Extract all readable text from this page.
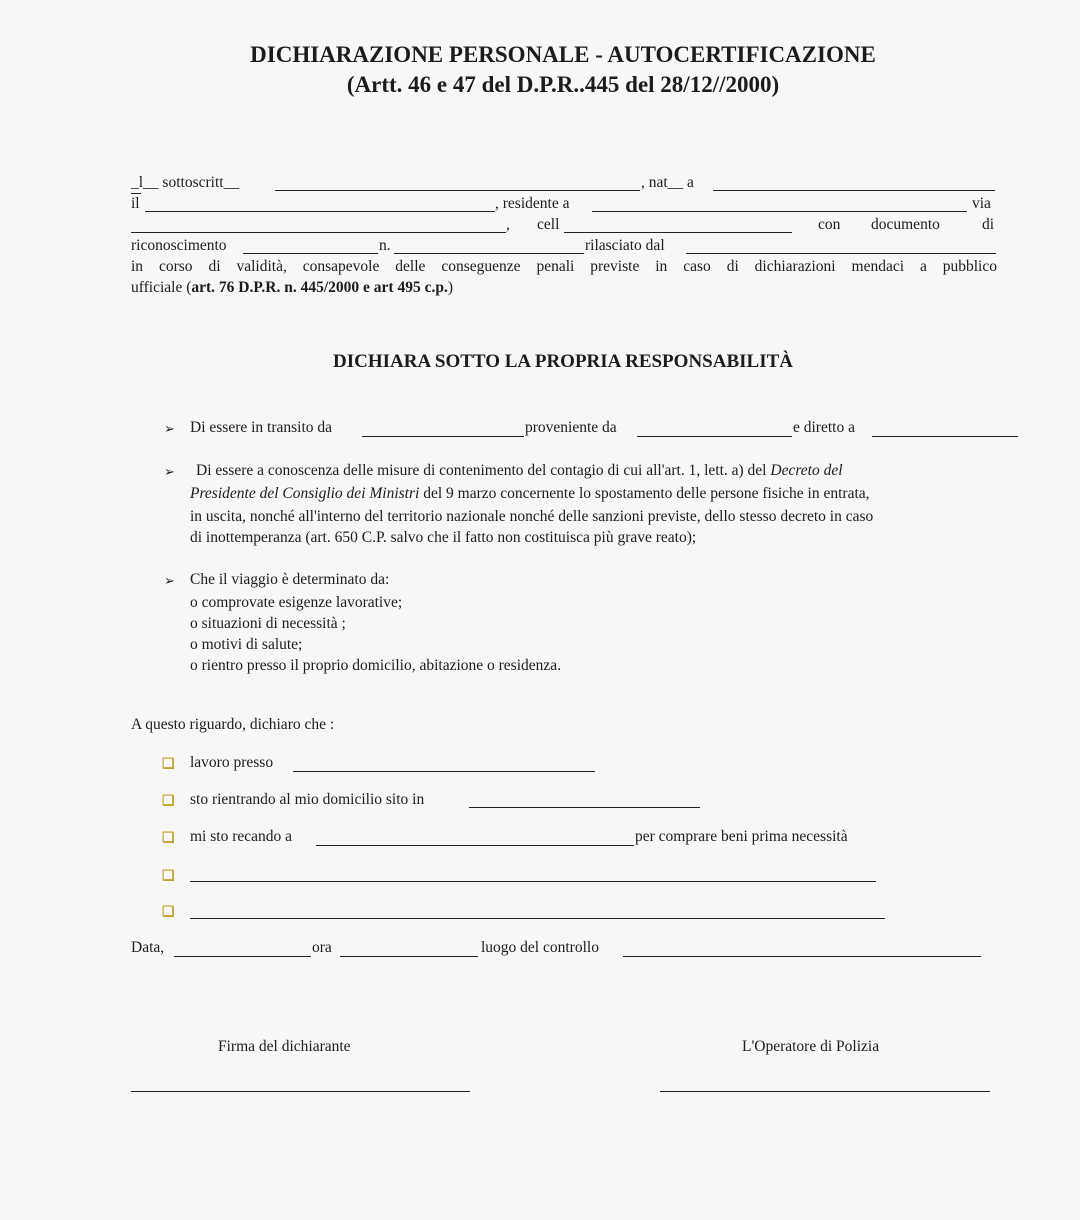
DICHIARAZIONE PERSONALE - AUTOCERTIFICAZIONE
(Artt. 46 e 47 del D.P.R..445 del 28/12//2000)
_l__ sottoscritt__	, nat__ a
il	, residente a	via
, cell	con documento	di
riconoscimento	n.	rilasciato dal
in corso di validità, consapevole delle conseguenze penali previste in caso di dichiarazioni mendaci a pubblico
ufficiale (art. 76 D.P.R. n. 445/2000 e art 495 c.p.)
DICHIARA SOTTO LA PROPRIA RESPONSABILITÀ
➢ Di essere in transito da	proveniente da	e diretto a
➢ Di essere a conoscenza delle misure di contenimento del contagio di cui all'art. 1, lett. a) del Decreto del
Presidente del Consiglio dei Ministri del 9 marzo concernente lo spostamento delle persone fisiche in entrata,
in uscita, nonché all'interno del territorio nazionale nonché delle sanzioni previste, dello stesso decreto in caso
di inottemperanza (art. 650 C.P. salvo che il fatto non costituisca più grave reato);
➢ Che il viaggio è determinato da:
o comprovate esigenze lavorative;
o situazioni di necessità ;
o motivi di salute;
o rientro presso il proprio domicilio, abitazione o residenza.
A questo riguardo, dichiaro che :
❏ lavoro presso
❏ sto rientrando al mio domicilio sito in
❏ mi sto recando a	per comprare beni prima necessità
❏
❏
Data,	ora	luogo del controllo
Firma del dichiarante	L'Operatore di Polizia
